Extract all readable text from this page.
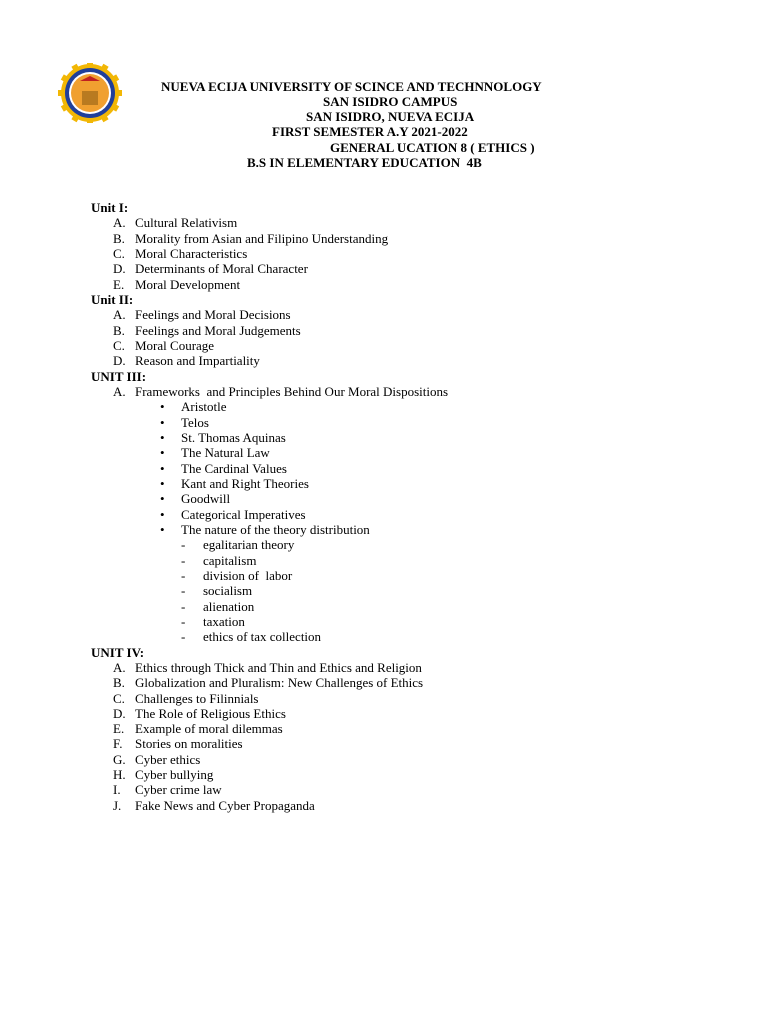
NUEVA ECIJA UNIVERSITY OF SCINCE AND TECHNNOLOGY
SAN ISIDRO CAMPUS
SAN ISIDRO, NUEVA ECIJA
FIRST SEMESTER A.Y 2021-2022
GENERAL UCATION 8 ( ETHICS )
B.S IN ELEMENTARY EDUCATION  4B
Unit I:
A. Cultural Relativism
B. Morality from Asian and Filipino Understanding
C. Moral Characteristics
D. Determinants of Moral Character
E. Moral Development
Unit II:
A. Feelings and Moral Decisions
B. Feelings and Moral Judgements
C. Moral Courage
D. Reason and Impartiality
UNIT III:
A. Frameworks  and Principles Behind Our Moral Dispositions
• Aristotle
• Telos
• St. Thomas Aquinas
• The Natural Law
• The Cardinal Values
• Kant and Right Theories
• Goodwill
• Categorical Imperatives
• The nature of the theory distribution
- egalitarian theory
- capitalism
- division of  labor
- socialism
- alienation
- taxation
- ethics of tax collection
UNIT IV:
A. Ethics through Thick and Thin and Ethics and Religion
B. Globalization and Pluralism: New Challenges of Ethics
C. Challenges to Filinnials
D. The Role of Religious Ethics
E. Example of moral dilemmas
F. Stories on moralities
G. Cyber ethics
H. Cyber bullying
I. Cyber crime law
J. Fake News and Cyber Propaganda
